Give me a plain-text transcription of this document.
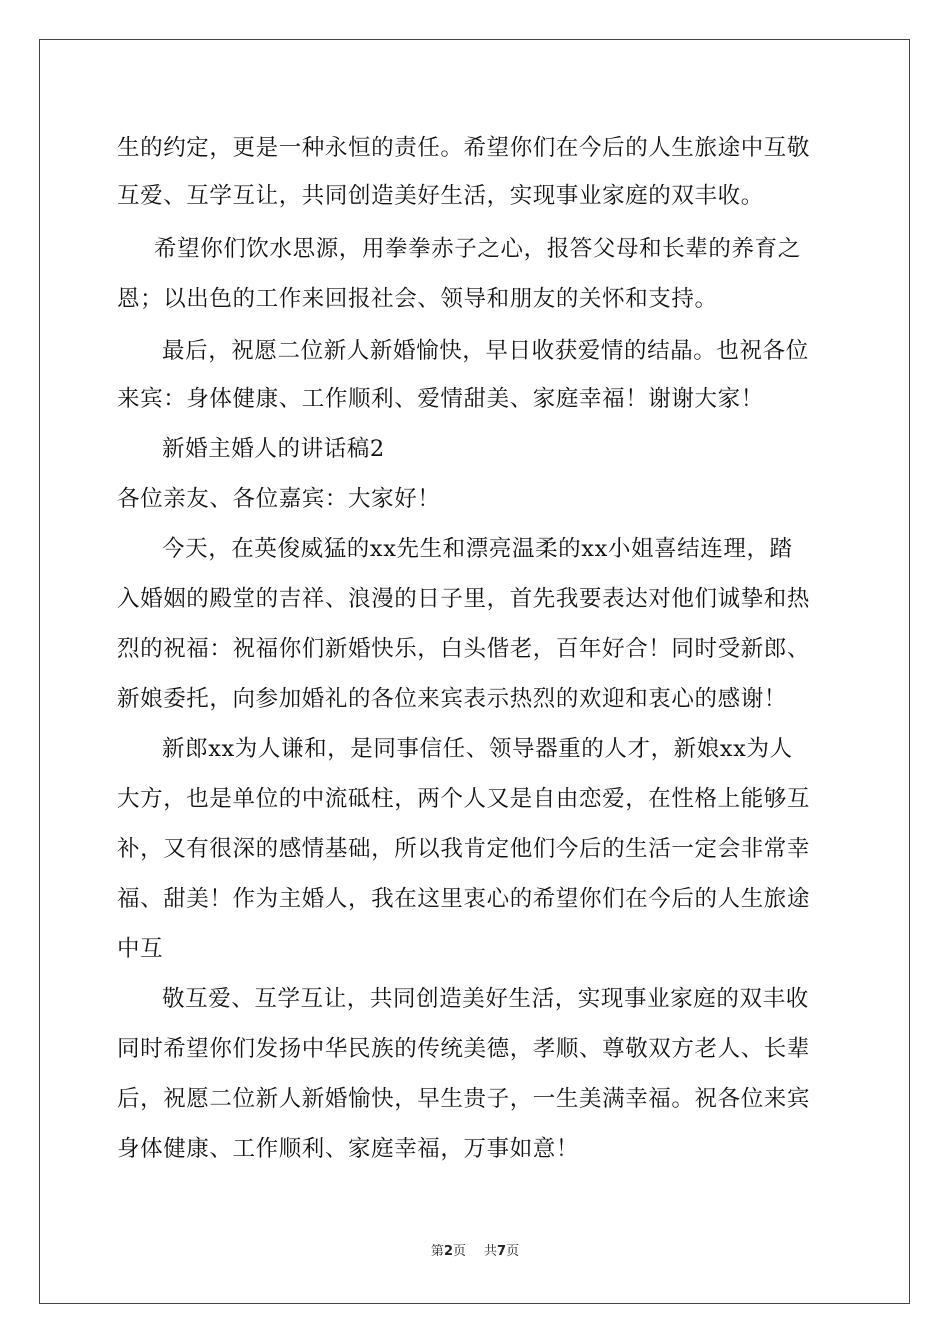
生的约定，更是一种永恒的责任。希望你们在今后的人生旅途中互敬
互爱、互学互让，共同创造美好生活，实现事业家庭的双丰收。
希望你们饮水思源，用拳拳赤子之心，报答父母和长辈的养育之
恩；以出色的工作来回报社会、领导和朋友的关怀和支持。
最后，祝愿二位新人新婚愉快，早日收获爱情的结晶。也祝各位
来宾：身体健康、工作顺利、爱情甜美、家庭幸福！谢谢大家！
新婚主婚人的讲话稿2
各位亲友、各位嘉宾：大家好！
今天，在英俊威猛的xx先生和漂亮温柔的xx小姐喜结连理，踏
入婚姻的殿堂的吉祥、浪漫的日子里，首先我要表达对他们诚挚和热
烈的祝福：祝福你们新婚快乐，白头偕老，百年好合！同时受新郎、
新娘委托，向参加婚礼的各位来宾表示热烈的欢迎和衷心的感谢！
新郎xx为人谦和，是同事信任、领导器重的人才，新娘xx为人
大方，也是单位的中流砥柱，两个人又是自由恋爱，在性格上能够互
补，又有很深的感情基础，所以我肯定他们今后的生活一定会非常幸
福、甜美！作为主婚人，我在这里衷心的希望你们在今后的人生旅途
中互
敬互爱、互学互让，共同创造美好生活，实现事业家庭的双丰收
同时希望你们发扬中华民族的传统美德，孝顺、尊敬双方老人、长辈
后，祝愿二位新人新婚愉快，早生贵子，一生美满幸福。祝各位来宾
身体健康、工作顺利、家庭幸福，万事如意！
第2页 共7页
